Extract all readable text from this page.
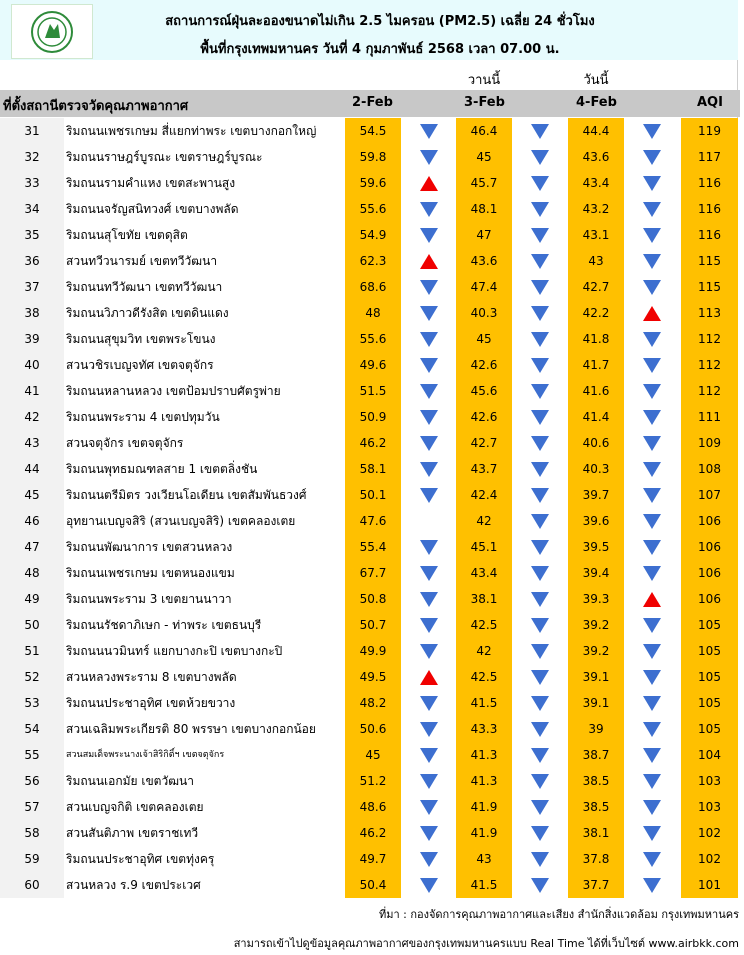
สถานการณ์ฝุ่นละอองขนาดไม่เกิน 2.5 ไมครอน (PM2.5) เฉลี่ย 24 ชั่วโมง
พื้นที่กรุงเทพมหานคร วันที่ 4 กุมภาพันธ์ 2568 เวลา 07.00 น.
วานนี้	วันนี้
ที่ตั้งสถานีตรวจวัดคุณภาพอากาศ	2-Feb	3-Feb	4-Feb	AQI
31	ริมถนนเพชรเกษม สี่แยกท่าพระ เขตบางกอกใหญ่	54.5	46.4	44.4	119
32	ริมถนนราษฎร์บูรณะ เขตราษฎร์บูรณะ	59.8	45	43.6	117
33	ริมถนนรามคำแหง เขตสะพานสูง	59.6	45.7	43.4	116
34	ริมถนนจรัญสนิทวงศ์ เขตบางพลัด	55.6	48.1	43.2	116
35	ริมถนนสุโขทัย เขตดุสิต	54.9	47	43.1	116
36	สวนทวีวนารมย์ เขตทวีวัฒนา	62.3	43.6	43	115
37	ริมถนนทวีวัฒนา เขตทวีวัฒนา	68.6	47.4	42.7	115
38	ริมถนนวิภาวดีรังสิต เขตดินแดง	48	40.3	42.2	113
39	ริมถนนสุขุมวิท เขตพระโขนง	55.6	45	41.8	112
40	สวนวชิรเบญจทัศ เขตจตุจักร	49.6	42.6	41.7	112
41	ริมถนนหลานหลวง เขตป้อมปราบศัตรูพ่าย	51.5	45.6	41.6	112
42	ริมถนนพระราม 4 เขตปทุมวัน	50.9	42.6	41.4	111
43	สวนจตุจักร เขตจตุจักร	46.2	42.7	40.6	109
44	ริมถนนพุทธมณฑลสาย 1 เขตตลิ่งชัน	58.1	43.7	40.3	108
45	ริมถนนตรีมิตร วงเวียนโอเดียน เขตสัมพันธวงศ์	50.1	42.4	39.7	107
46	อุทยานเบญจสิริ (สวนเบญจสิริ) เขตคลองเตย	47.6	42	39.6	106
47	ริมถนนพัฒนาการ เขตสวนหลวง	55.4	45.1	39.5	106
48	ริมถนนเพชรเกษม เขตหนองแขม	67.7	43.4	39.4	106
49	ริมถนนพระราม 3 เขตยานนาวา	50.8	38.1	39.3	106
50	ริมถนนรัชดาภิเษก - ท่าพระ เขตธนบุรี	50.7	42.5	39.2	105
51	ริมถนนนวมินทร์ แยกบางกะปิ เขตบางกะปิ	49.9	42	39.2	105
52	สวนหลวงพระราม 8 เขตบางพลัด	49.5	42.5	39.1	105
53	ริมถนนประชาอุทิศ เขตห้วยขวาง	48.2	41.5	39.1	105
54	สวนเฉลิมพระเกียรติ 80 พรรษา เขตบางกอกน้อย	50.6	43.3	39	105
55	สวนสมเด็จพระนางเจ้าสิริกิติ์ฯ เขตจตุจักร	45	41.3	38.7	104
56	ริมถนนเอกมัย เขตวัฒนา	51.2	41.3	38.5	103
57	สวนเบญจกิติ เขตคลองเตย	48.6	41.9	38.5	103
58	สวนสันติภาพ เขตราชเทวี	46.2	41.9	38.1	102
59	ริมถนนประชาอุทิศ เขตทุ่งครุ	49.7	43	37.8	102
60	สวนหลวง ร.9 เขตประเวศ	50.4	41.5	37.7	101
ที่มา : กองจัดการคุณภาพอากาศและเสียง สำนักสิ่งแวดล้อม กรุงเทพมหานคร
สามารถเข้าไปดูข้อมูลคุณภาพอากาศของกรุงเทพมหานครแบบ Real Time ได้ที่เว็บไซต์ www.airbkk.com
